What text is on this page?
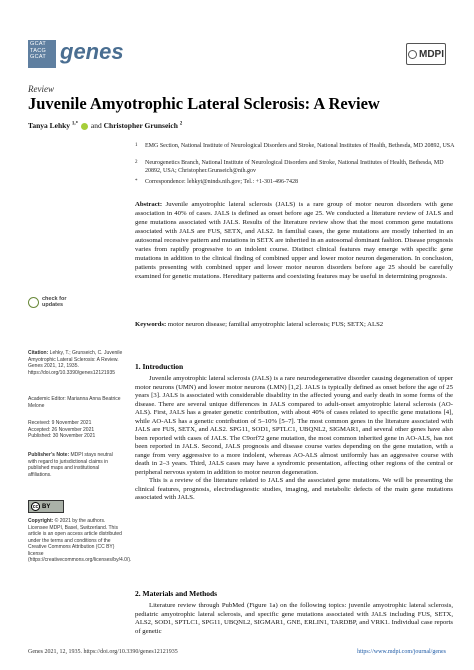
GCAT TACG GCAT genes	MDPI
Review
Juvenile Amyotrophic Lateral Sclerosis: A Review
Tanya Lehky $^{1,*}$ and Christopher Grunseich $^2$
1 EMG Section, National Institute of Neurological Disorders and Stroke, National Institutes of Health, Bethesda, MD 20892, USA
2 Neurogenetics Branch, National Institute of Neurological Disorders and Stroke, National Institutes of Health, Bethesda, MD 20892, USA; Christopher.Grunseich@nih.gov
* Correspondence: lehkyt@ninds.nih.gov; Tel.: +1-301-496-7428
Abstract: Juvenile amyotrophic lateral sclerosis (JALS) is a rare group of motor neuron disorders with gene association in 40% of cases. JALS is defined as onset before age 25. We conducted a literature review of JALS and gene mutations associated with JALS. Results of the literature review show that the most common gene mutations associated with JALS are FUS, SETX, and ALS2. In familial cases, the gene mutations are mostly inherited in an autosomal recessive pattern and mutations in SETX are inherited in an autosomal dominant fashion. Disease prognosis varies from rapidly progressive to an indolent course. Distinct clinical features may emerge with specific gene mutations in addition to the clinical finding of combined upper and lower motor neuron degeneration. In conclusion, patients presenting with combined upper and lower motor neuron disorders before age 25 should be carefully examined for genetic mutations. Hereditary patterns and coexisting features may be useful in determining prognosis.
Keywords: motor neuron disease; familial amyotrophic lateral sclerosis; FUS; SETX; ALS2
check for
updates
Citation: Lehky, T.; Grunseich, C. Juvenile Amyotrophic Lateral Sclerosis: A Review. Genes 2021, 12, 1935. https://doi.org/10.3390/genes12121935
Academic Editor: Marianna Anna Beatrice Melone
Received: 9 November 2021
Accepted: 26 November 2021
Published: 30 November 2021
Publisher’s Note: MDPI stays neutral with regard to jurisdictional claims in published maps and institutional affiliations.
cc BY
Copyright: © 2021 by the authors. Licensee MDPI, Basel, Switzerland. This article is an open access article distributed under the terms and conditions of the Creative Commons Attribution (CC BY) license (https://creativecommons.org/licenses/by/4.0/).
1. Introduction

Juvenile amyotrophic lateral sclerosis (JALS) is a rare neurodegenerative disorder causing degeneration of upper motor neurons (UMN) and lower motor neurons (LMN) [1,2]. JALS is typically defined as onset before the age of 25 years [3]. JALS is associated with considerable disability in the affected young and early death in some forms of the disease. There are several unique differences in JALS compared to adult-onset amyotrophic lateral sclerosis (AO-ALS). First, JALS has a greater genetic contribution, with about 40% of cases related to specific gene mutations [4], while AO-ALS has a genetic contribution of 5–10% [5–7]. The most common genes in the literature associated with JALS are FUS, SETX, and ALS2. SPG11, SOD1, SPTLC1, UBQNL2, SIGMAR1, and several other genes have also been reported with cases of JALS. The C9orf72 gene mutation, the most common inherited gene in AO-ALS, has not been reported in JALS. Second, JALS prognosis and disease course varies depending on the gene mutation, with a range from very aggressive to a more indolent, whereas AO-ALS almost uniformly has an aggressive course with death in 2–3 years. Third, JALS cases may have a syndromic presentation, affecting other regions of the central or peripheral nervous system in addition to motor neuron degeneration.

This is a review of the literature related to JALS and the associated gene mutations. We will be presenting the clinical features, prognosis, electrodiagnostic studies, imaging, and metabolic defects of the main gene mutations associated with JALS.

2. Materials and Methods

Literature review through PubMed (Figure 1a) on the following topics: juvenile amyotrophic lateral sclerosis, pediatric amyotrophic lateral sclerosis, and specific gene mutations associated with JALS including FUS, SETX, ALS2, SOD1, SPTLC1, SPG11, UBQNL2, SIGMAR1, GNE, ERLIN1, TARDBP, and VRK1. Individual case reports of genetic

Genes 2021, 12, 1935. https://doi.org/10.3390/genes12121935	https://www.mdpi.com/journal/genes
